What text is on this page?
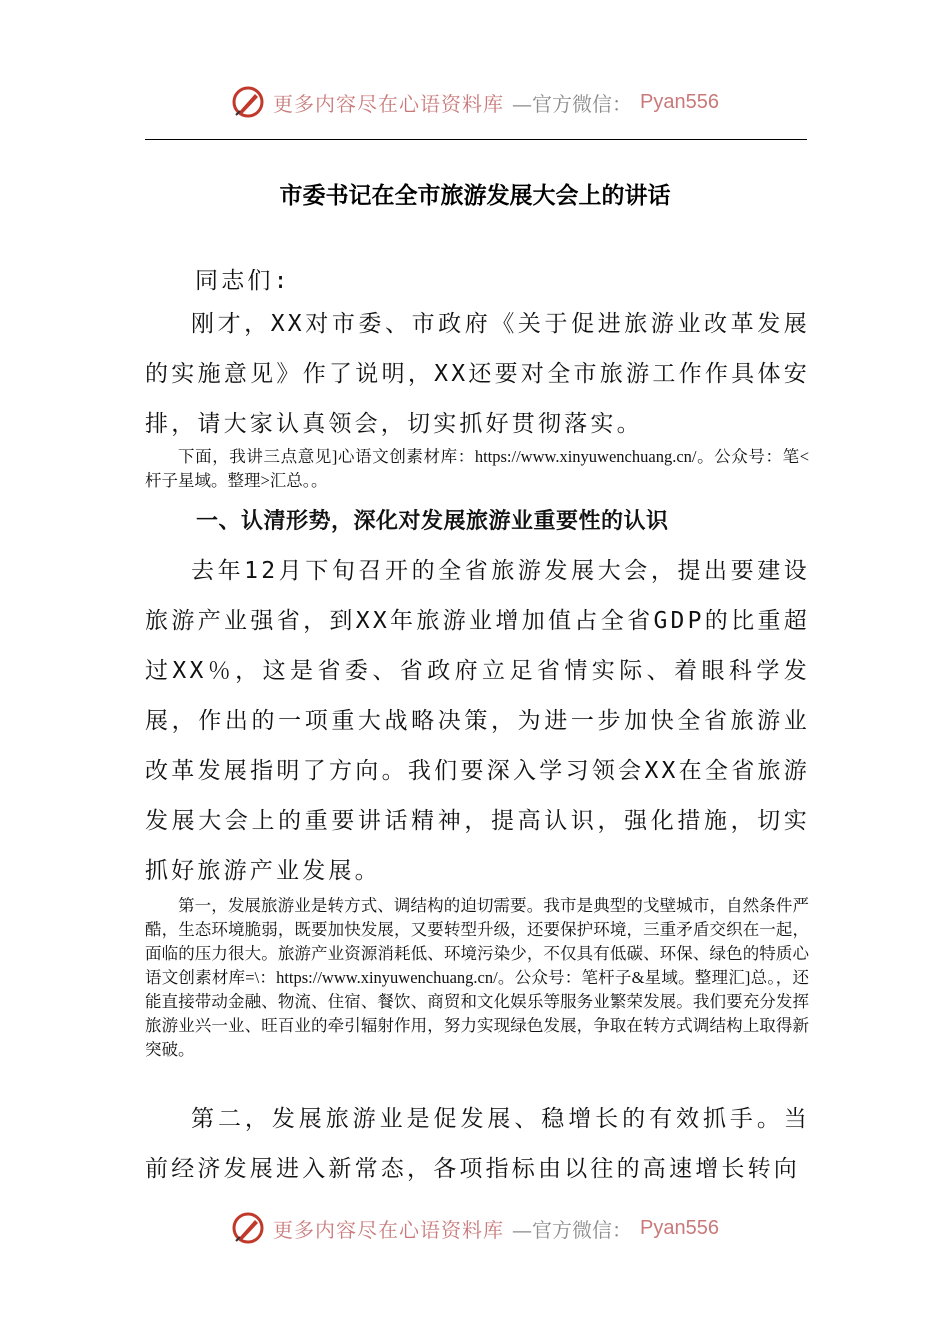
更多内容尽在心语资料库 —官方微信： Pyan556
市委书记在全市旅游发展大会上的讲话

同志们:

刚才，XX对市委、市政府《关于促进旅游业改革发展的实施意见》作了说明，XX还要对全市旅游工作作具体安排，请大家认真领会，切实抓好贯彻落实。

下面，我讲三点意见]心语文创素材库：https://www.xinyuwenchuang.cn/。公众号：笔<杆子星域。整理>汇总。。

一、认清形势，深化对发展旅游业重要性的认识

去年12月下旬召开的全省旅游发展大会，提出要建设旅游产业强省，到XX年旅游业增加值占全省GDP的比重超过XX％，这是省委、省政府立足省情实际、着眼科学发展，作出的一项重大战略决策，为进一步加快全省旅游业改革发展指明了方向。我们要深入学习领会XX在全省旅游发展大会上的重要讲话精神，提高认识，强化措施，切实抓好旅游产业发展。

第一，发展旅游业是转方式、调结构的迫切需要。我市是典型的戈壁城市，自然条件严酷，生态环境脆弱，既要加快发展，又要转型升级，还要保护环境，三重矛盾交织在一起，面临的压力很大。旅游产业资源消耗低、环境污染少，不仅具有低碳、环保、绿色的特质心语文创素材库=\：https://www.xinyuwenchuang.cn/。公众号：笔杆子&星域。整理汇]总。，还能直接带动金融、物流、住宿、餐饮、商贸和文化娱乐等服务业繁荣发展。我们要充分发挥旅游业兴一业、旺百业的牵引辐射作用，努力实现绿色发展，争取在转方式调结构上取得新突破。

第二，发展旅游业是促发展、稳增长的有效抓手。当前经济发展进入新常态，各项指标由以往的高速增长转向

更多内容尽在心语资料库 —官方微信： Pyan556
